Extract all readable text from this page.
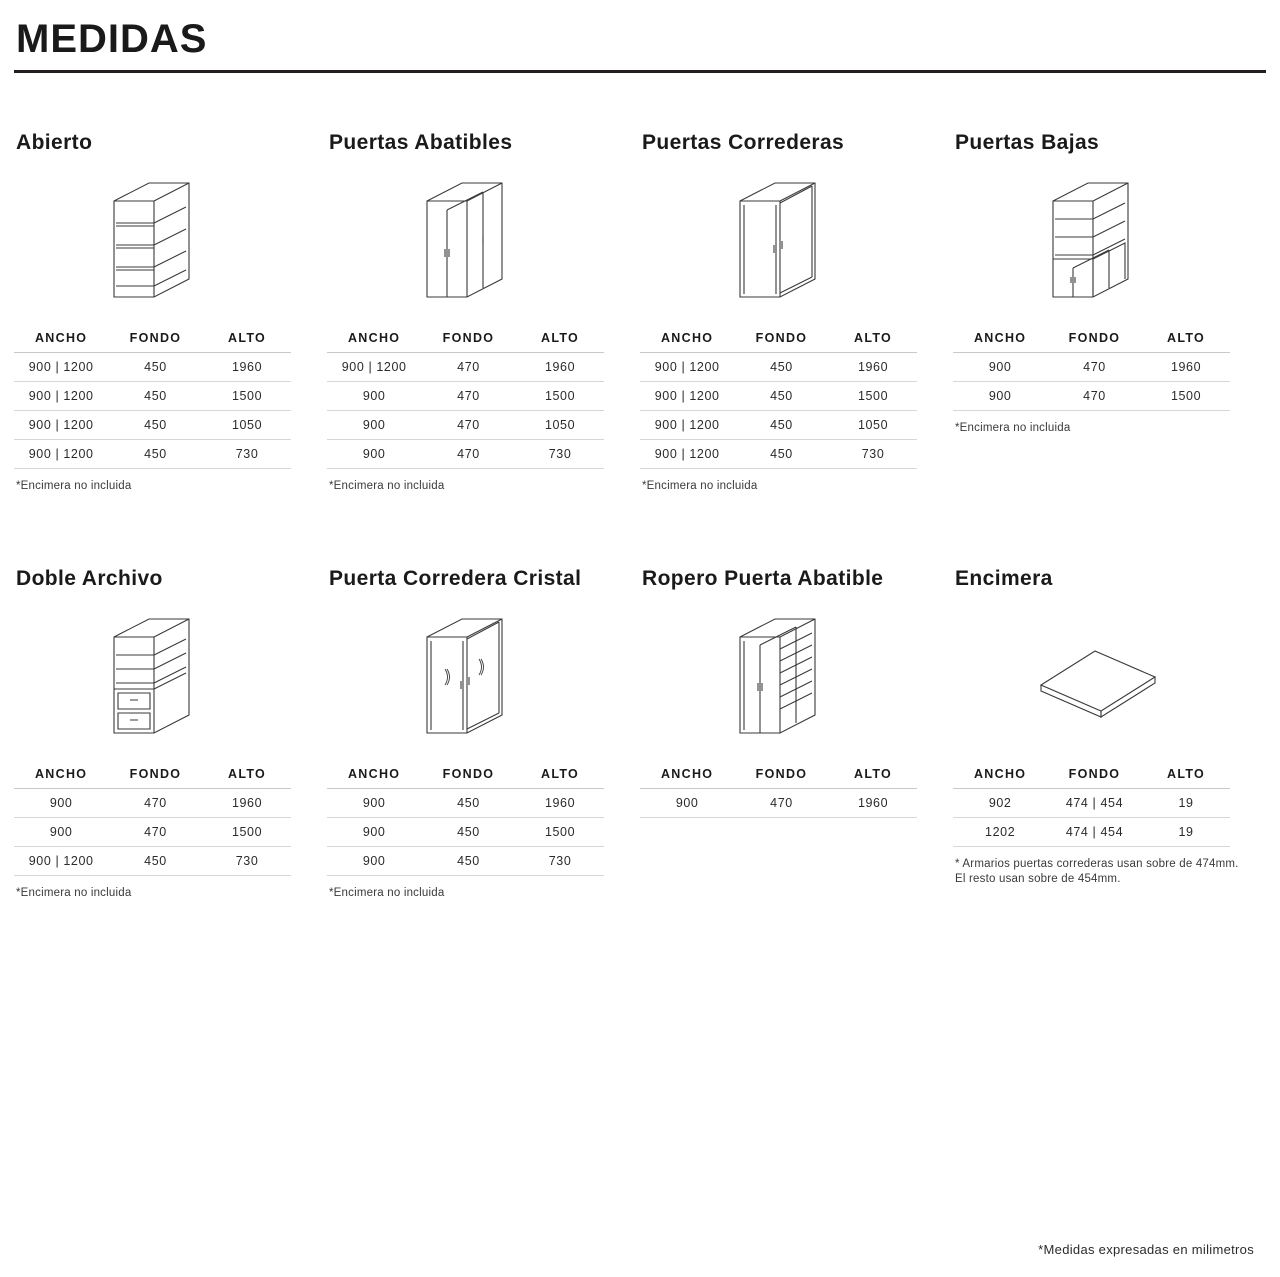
MEDIDAS
Abierto
ANCHO	FONDO	ALTO
900 | 1200	450	1960
900 | 1200	450	1500
900 | 1200	450	1050
900 | 1200	450	730
*Encimera no incluida
Puertas Abatibles
ANCHO	FONDO	ALTO
900 | 1200	470	1960
900	470	1500
900	470	1050
900	470	730
*Encimera no incluida
Puertas Correderas
ANCHO	FONDO	ALTO
900 | 1200	450	1960
900 | 1200	450	1500
900 | 1200	450	1050
900 | 1200	450	730
*Encimera no incluida
Puertas Bajas
ANCHO	FONDO	ALTO
900	470	1960
900	470	1500
*Encimera no incluida
Doble Archivo
ANCHO	FONDO	ALTO
900	470	1960
900	470	1500
900 | 1200	450	730
*Encimera no incluida
Puerta Corredera Cristal
ANCHO	FONDO	ALTO
900	450	1960
900	450	1500
900	450	730
*Encimera no incluida
Ropero Puerta Abatible
ANCHO	FONDO	ALTO
900	470	1960
Encimera
ANCHO	FONDO	ALTO
902	474 | 454	19
1202	474 | 454	19
* Armarios puertas correderas usan sobre de 474mm. El resto usan sobre de 454mm.
*Medidas expresadas en milimetros
